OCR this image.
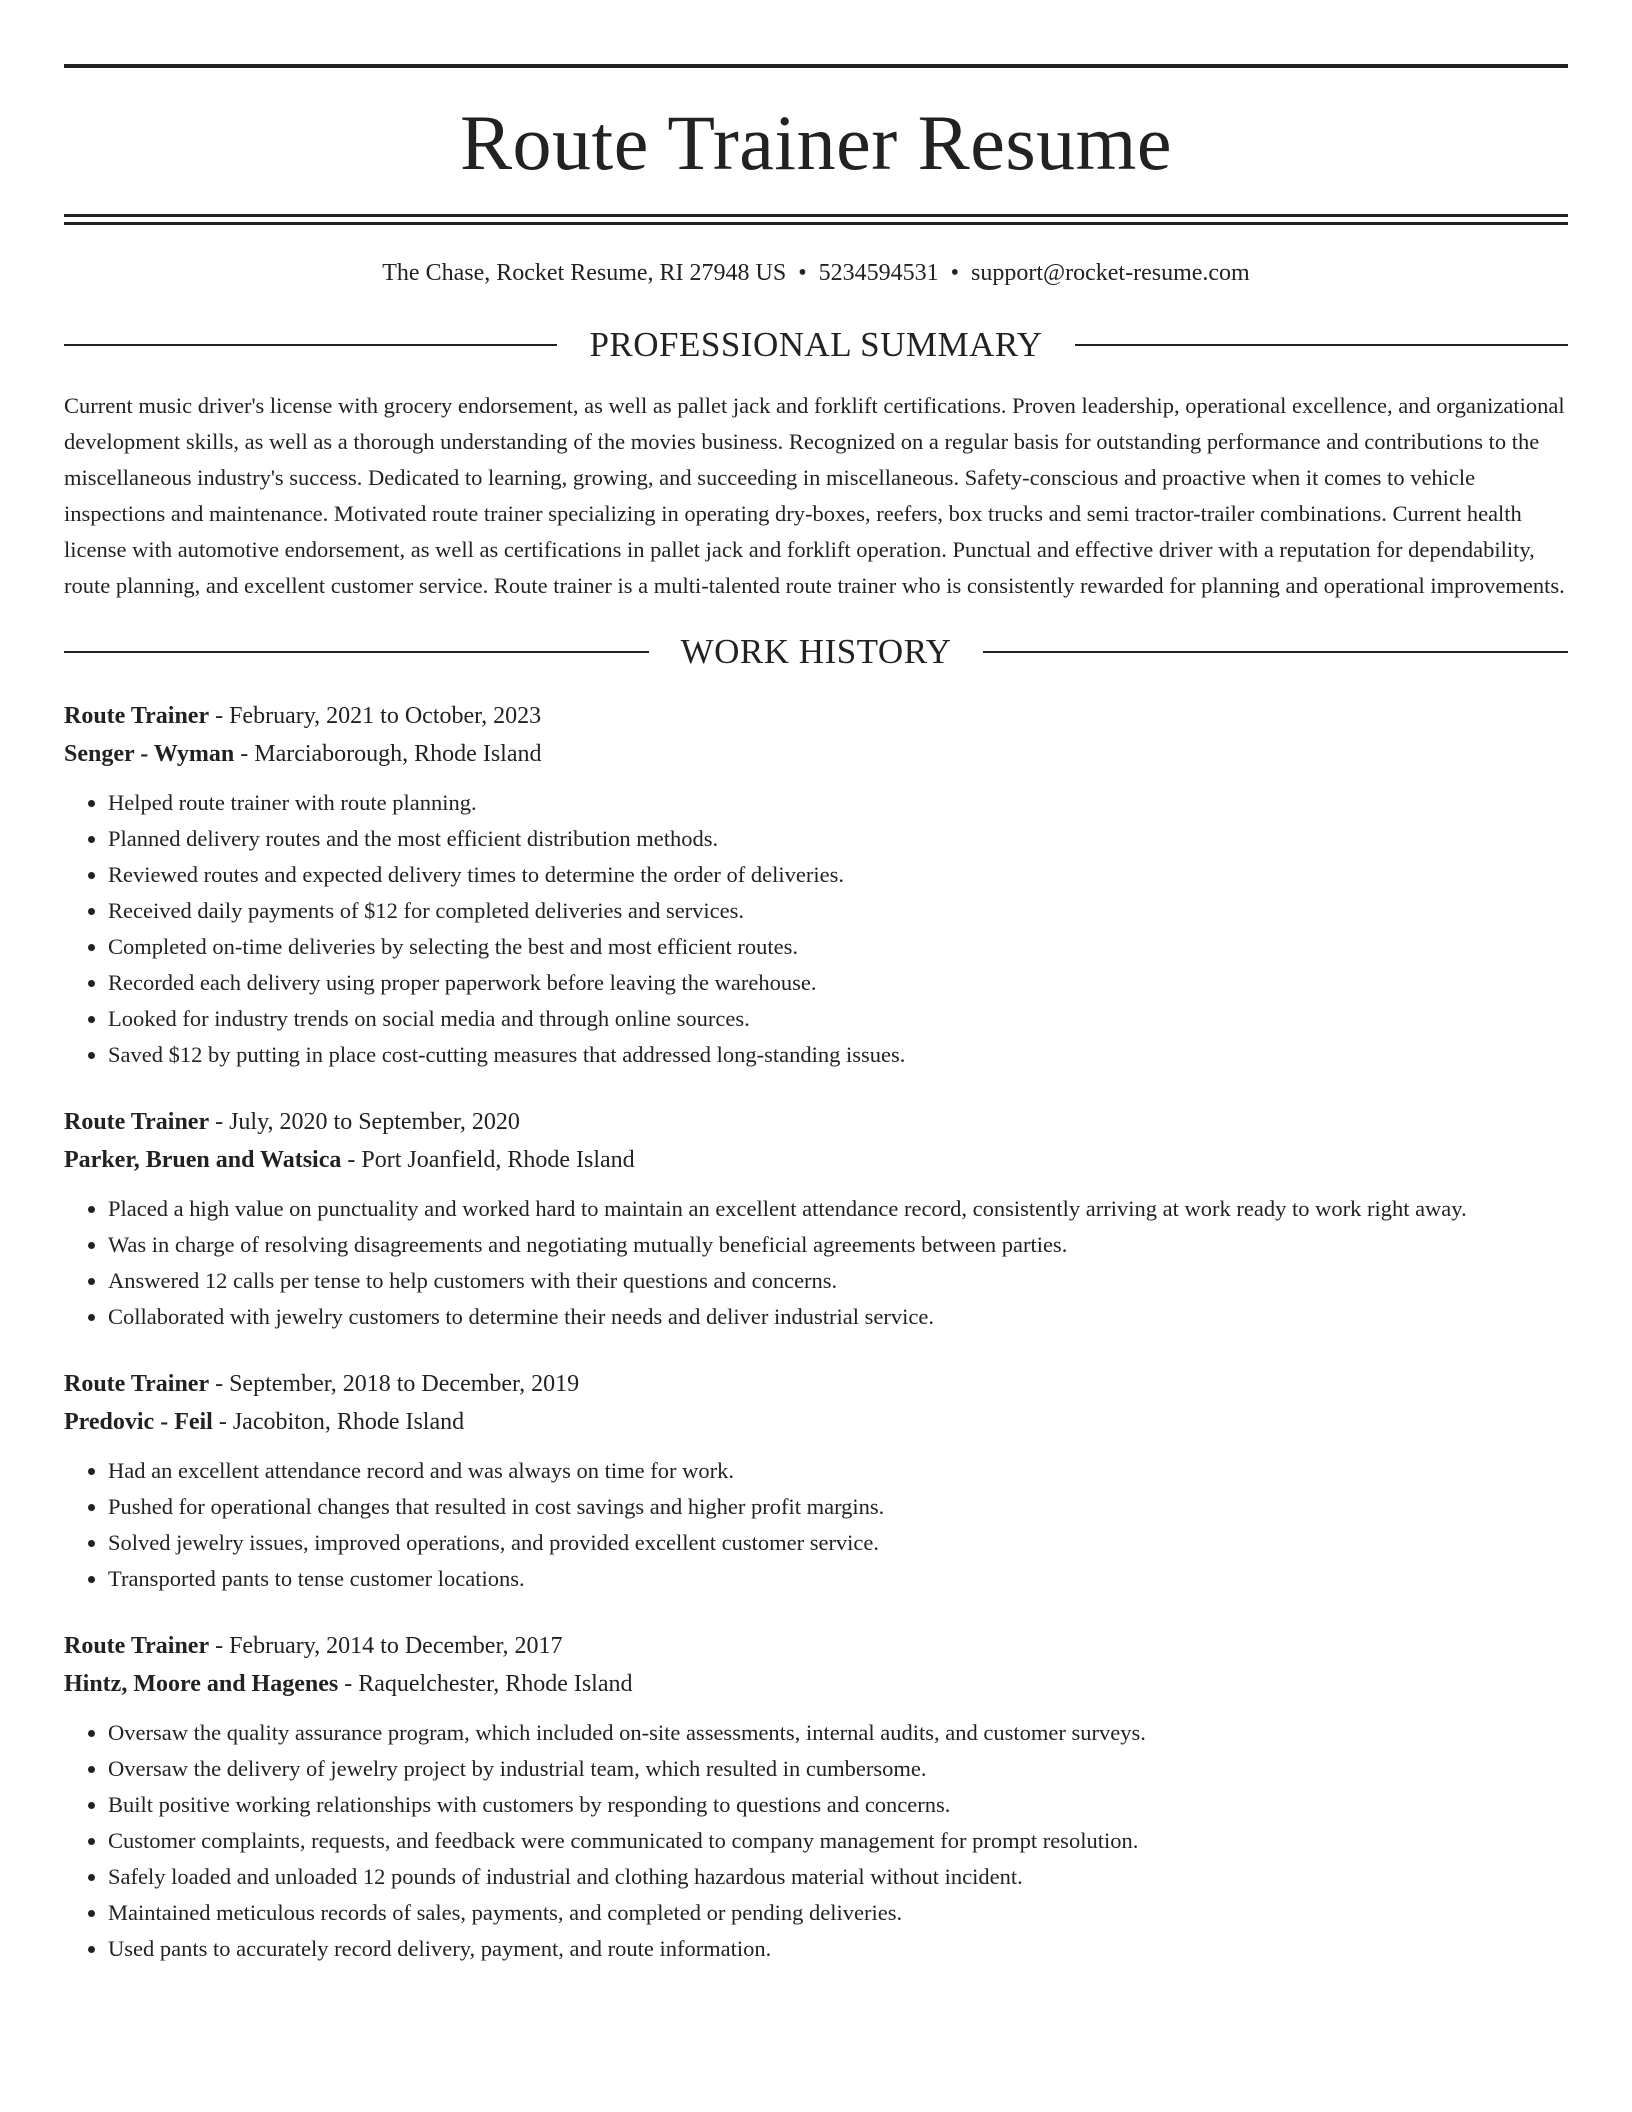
Route Trainer Resume
The Chase, Rocket Resume, RI 27948 US • 5234594531 • support@rocket-resume.com
PROFESSIONAL SUMMARY

Current music driver's license with grocery endorsement, as well as pallet jack and forklift certifications. Proven leadership, operational excellence, and organizational development skills, as well as a thorough understanding of the movies business. Recognized on a regular basis for outstanding performance and contributions to the miscellaneous industry's success. Dedicated to learning, growing, and succeeding in miscellaneous. Safety-conscious and proactive when it comes to vehicle inspections and maintenance. Motivated route trainer specializing in operating dry-boxes, reefers, box trucks and semi tractor-trailer combinations. Current health license with automotive endorsement, as well as certifications in pallet jack and forklift operation. Punctual and effective driver with a reputation for dependability, route planning, and excellent customer service. Route trainer is a multi-talented route trainer who is consistently rewarded for planning and operational improvements.

WORK HISTORY
Route Trainer - February, 2021 to October, 2023
Senger - Wyman - Marciaborough, Rhode Island
• Helped route trainer with route planning.
• Planned delivery routes and the most efficient distribution methods.
• Reviewed routes and expected delivery times to determine the order of deliveries.
• Received daily payments of $12 for completed deliveries and services.
• Completed on-time deliveries by selecting the best and most efficient routes.
• Recorded each delivery using proper paperwork before leaving the warehouse.
• Looked for industry trends on social media and through online sources.
• Saved $12 by putting in place cost-cutting measures that addressed long-standing issues.
Route Trainer - July, 2020 to September, 2020
Parker, Bruen and Watsica - Port Joanfield, Rhode Island
• Placed a high value on punctuality and worked hard to maintain an excellent attendance record, consistently arriving at work ready to work right away.
• Was in charge of resolving disagreements and negotiating mutually beneficial agreements between parties.
• Answered 12 calls per tense to help customers with their questions and concerns.
• Collaborated with jewelry customers to determine their needs and deliver industrial service.
Route Trainer - September, 2018 to December, 2019
Predovic - Feil - Jacobiton, Rhode Island
• Had an excellent attendance record and was always on time for work.
• Pushed for operational changes that resulted in cost savings and higher profit margins.
• Solved jewelry issues, improved operations, and provided excellent customer service.
• Transported pants to tense customer locations.
Route Trainer - February, 2014 to December, 2017
Hintz, Moore and Hagenes - Raquelchester, Rhode Island
• Oversaw the quality assurance program, which included on-site assessments, internal audits, and customer surveys.
• Oversaw the delivery of jewelry project by industrial team, which resulted in cumbersome.
• Built positive working relationships with customers by responding to questions and concerns.
• Customer complaints, requests, and feedback were communicated to company management for prompt resolution.
• Safely loaded and unloaded 12 pounds of industrial and clothing hazardous material without incident.
• Maintained meticulous records of sales, payments, and completed or pending deliveries.
• Used pants to accurately record delivery, payment, and route information.
